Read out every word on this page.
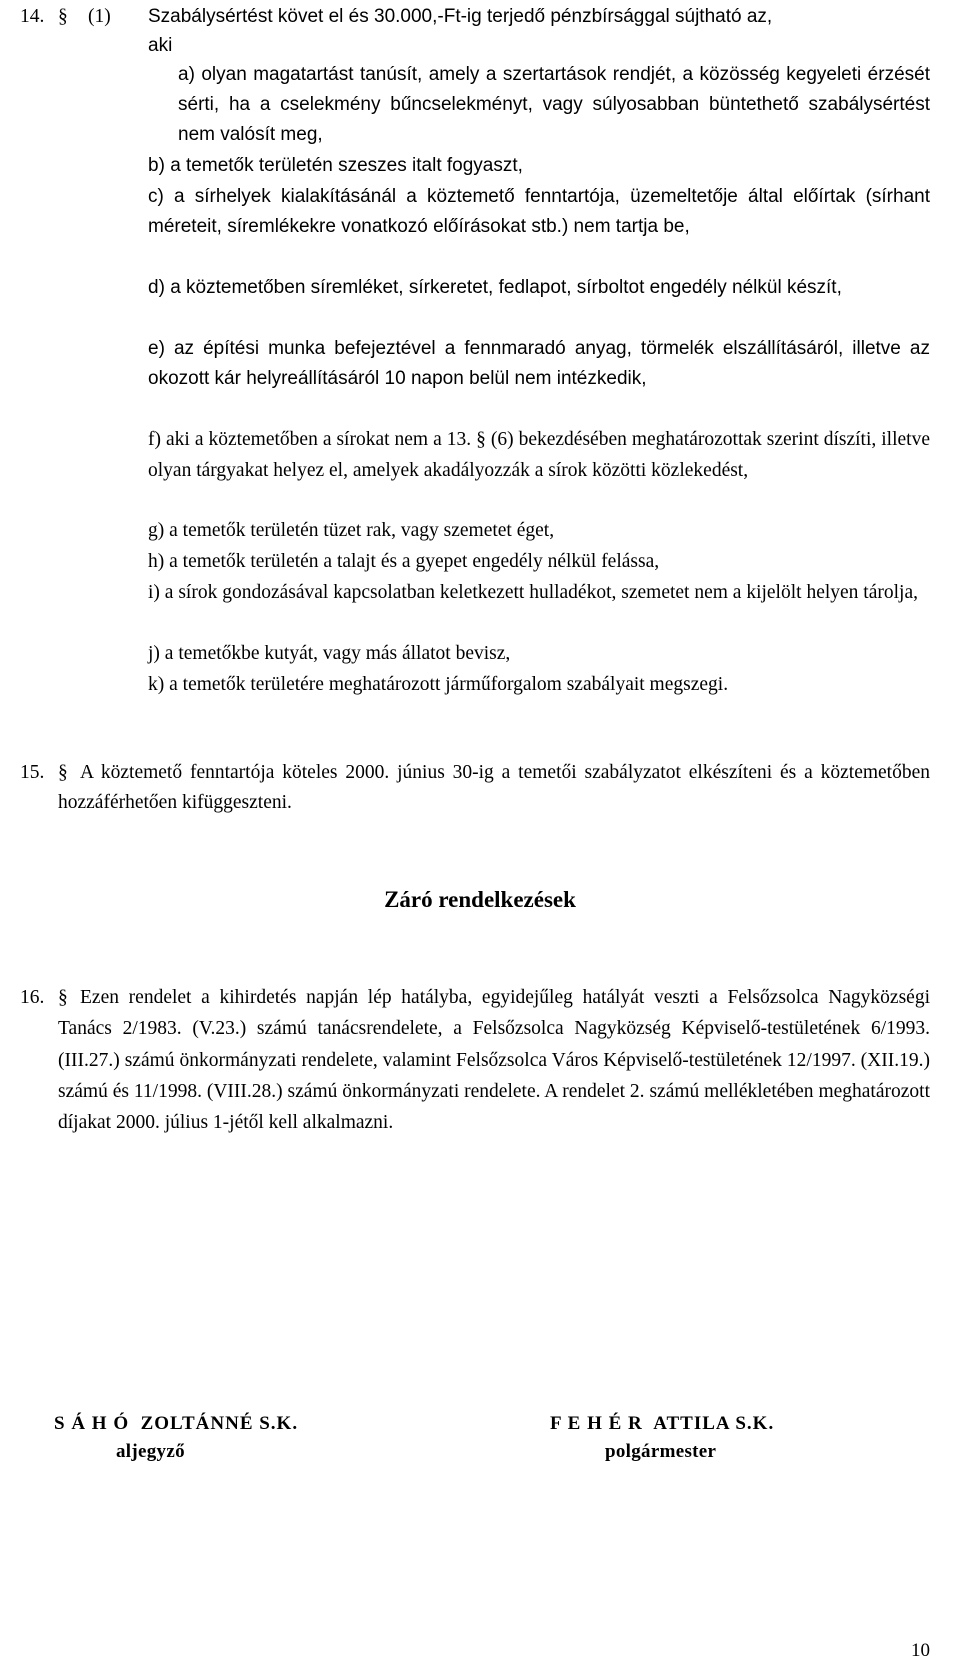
14. § (1) Szabálysértést követ el és 30.000,-Ft-ig terjedő pénzbírsággal sújtható az,
aki
a) olyan magatartást tanúsít, amely a szertartások rendjét, a közösség kegyeleti érzését sérti, ha a cselekmény bűncselekményt, vagy súlyosabban büntethető szabálysértést nem valósít meg,
b) a temetők területén szeszes italt fogyaszt,
c) a sírhelyek kialakításánál a köztemető fenntartója, üzemeltetője által előírtak (sírhant méreteit, síremlékekre vonatkozó előírásokat stb.) nem tartja be,
d) a köztemetőben síremléket, sírkeretet, fedlapot, sírboltot engedély nélkül készít,
e) az építési munka befejeztével a fennmaradó anyag, törmelék elszállításáról, illetve az okozott kár helyreállításáról 10 napon belül nem intézkedik,
f) aki a köztemetőben a sírokat nem a 13. § (6) bekezdésében meghatározottak szerint díszíti, illetve olyan tárgyakat helyez el, amelyek akadályozzák a sírok közötti közlekedést,
g) a temetők területén tüzet rak, vagy szemetet éget,
h) a temetők területén a talajt és a gyepet engedély nélkül felássa,
i) a sírok gondozásával kapcsolatban keletkezett hulladékot, szemetet nem a kijelölt helyen tárolja,
j) a temetőkbe kutyát, vagy más állatot bevisz,
k) a temetők területére meghatározott járműforgalom szabályait megszegi.
15. § A köztemető fenntartója köteles 2000. június 30-ig a temetői szabályzatot elkészíteni és a köztemetőben hozzáférhetően kifüggeszteni.
Záró rendelkezések
16. § Ezen rendelet a kihirdetés napján lép hatályba, egyidejűleg hatályát veszti a Felsőzsolca Nagyközségi Tanács 2/1983. (V.23.) számú tanácsrendelete, a Felsőzsolca Nagyközség Képviselő-testületének 6/1993. (III.27.) számú önkormányzati rendelete, valamint Felsőzsolca Város Képviselő-testületének 12/1997. (XII.19.) számú és 11/1998. (VIII.28.) számú önkormányzati rendelete. A rendelet 2. számú mellékletében meghatározott díjakat 2000. július 1-jétől kell alkalmazni.
S Á H Ó  ZOLTÁNNÉ S.K.
aljegyző
F E H É R  ATTILA S.K.
polgármester
10
